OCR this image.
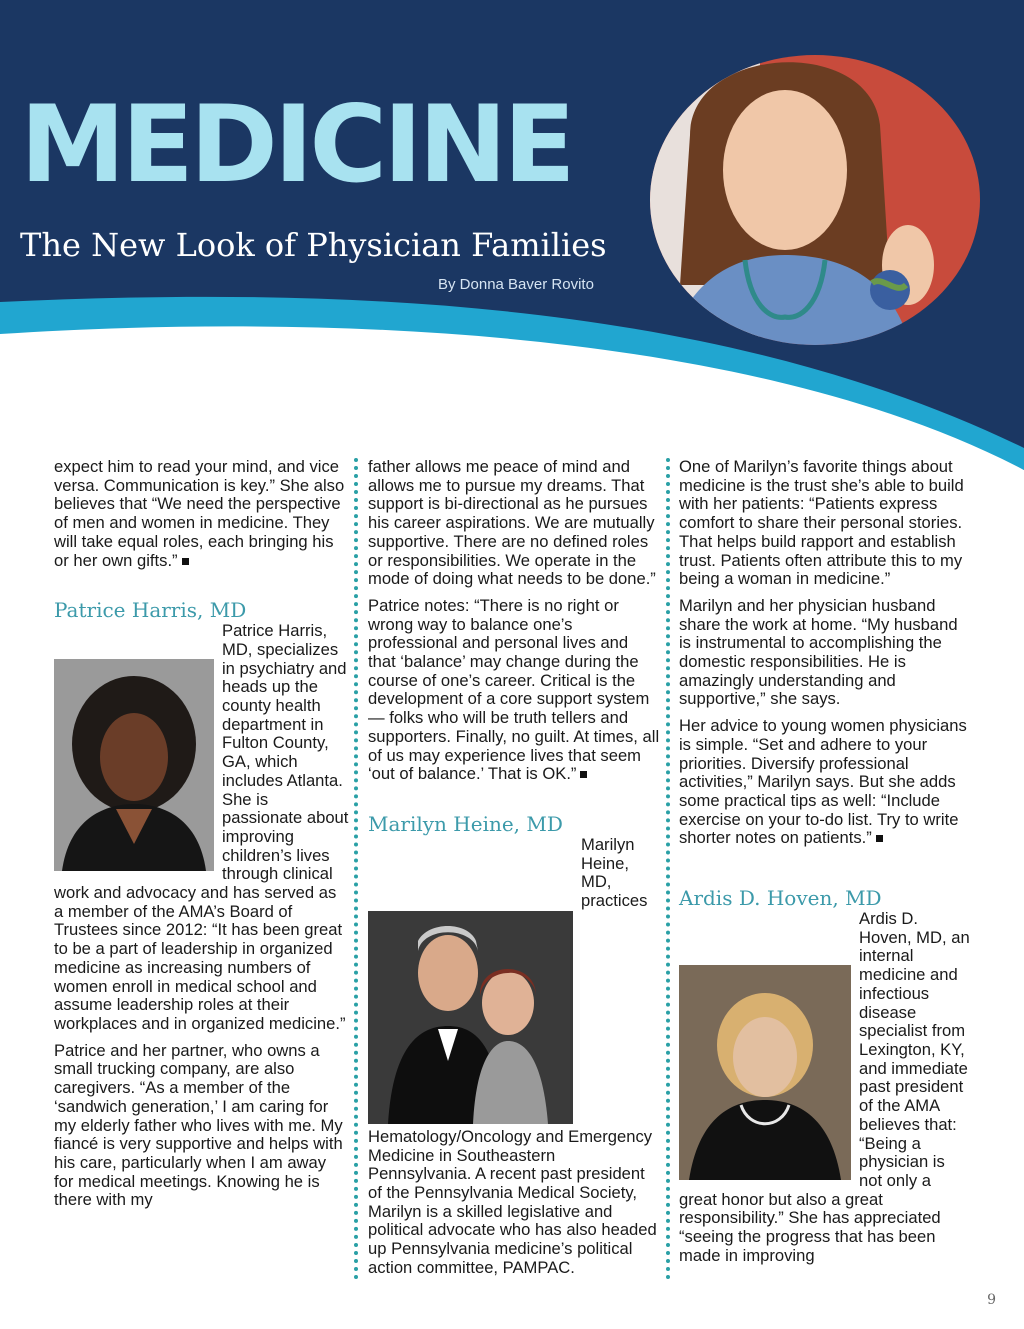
MEDICINE
The New Look of Physician Families
By Donna Baver Rovito

expect him to read your mind, and vice versa. Communication is key.” She also believes that “We need the perspective of men and women in medicine. They will take equal roles, each bringing his or her own gifts.”

Patrice Harris, MD

Patrice Harris, MD, specializes in psychiatry and heads up the county health department in Fulton County, GA, which includes Atlanta. She is passionate about improving children’s lives through clinical work and advocacy and has served as a member of the AMA’s Board of Trustees since 2012: “It has been great to be a part of leadership in organized medicine as increasing numbers of women enroll in medical school and assume leadership roles at their workplaces and in organized medicine.”

Patrice and her partner, who owns a small trucking company, are also caregivers. “As a member of the ‘sandwich generation,’ I am caring for my elderly father who lives with me. My fiancé is very supportive and helps with his care, particularly when I am away for medical meetings. Knowing he is there with my

father allows me peace of mind and allows me to pursue my dreams. That support is bi-directional as he pursues his career aspirations. We are mutually supportive. There are no defined roles or responsibilities. We operate in the mode of doing what needs to be done.”

Patrice notes: “There is no right or wrong way to balance one’s professional and personal lives and that ‘balance’ may change during the course of one’s career. Critical is the development of a core support system — folks who will be truth tellers and supporters. Finally, no guilt. At times, all of us may experience lives that seem ‘out of balance.’ That is OK.”

Marilyn Heine, MD

Marilyn Heine, MD, practices Hematology/Oncology and Emergency Medicine in Southeastern Pennsylvania. A recent past president of the Pennsylvania Medical Society, Marilyn is a skilled legislative and political advocate who has also headed up Pennsylvania medicine’s political action committee, PAMPAC.

One of Marilyn’s favorite things about medicine is the trust she’s able to build with her patients: “Patients express comfort to share their personal stories. That helps build rapport and establish trust. Patients often attribute this to my being a woman in medicine.”

Marilyn and her physician husband share the work at home. “My husband is instrumental to accomplishing the domestic responsibilities. He is amazingly understanding and supportive,” she says.

Her advice to young women physicians is simple. “Set and adhere to your priorities. Diversify professional activities,” Marilyn says. But she adds some practical tips as well: “Include exercise on your to-do list. Try to write shorter notes on patients.”

Ardis D. Hoven, MD

Ardis D. Hoven, MD, an internal medicine and infectious disease specialist from Lexington, KY, and immediate past president of the AMA believes that: “Being a physician is not only a great honor but also a great responsibility.” She has appreciated “seeing the progress that has been made in improving

9
